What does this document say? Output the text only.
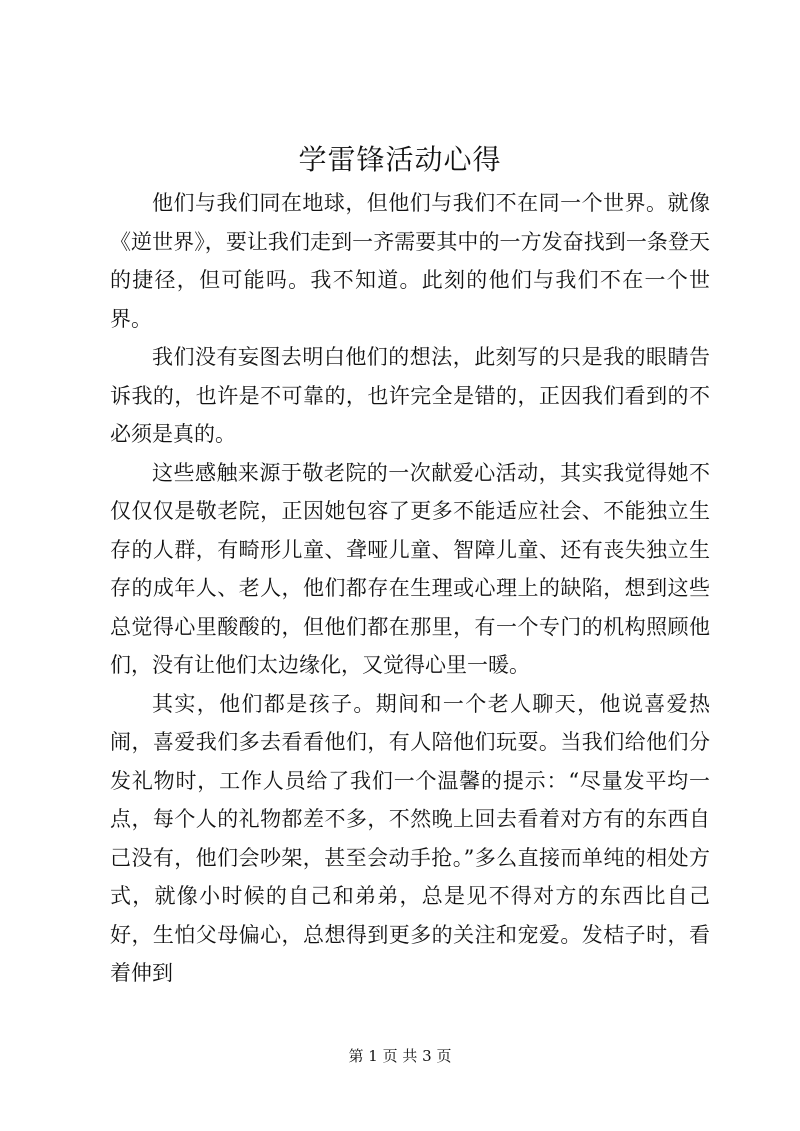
学雷锋活动心得

他们与我们同在地球，但他们与我们不在同一个世界。就像《逆世界》，要让我们走到一齐需要其中的一方发奋找到一条登天的捷径，但可能吗。我不知道。此刻的他们与我们不在一个世界。

我们没有妄图去明白他们的想法，此刻写的只是我的眼睛告诉我的，也许是不可靠的，也许完全是错的，正因我们看到的不必须是真的。

这些感触来源于敬老院的一次献爱心活动，其实我觉得她不仅仅仅是敬老院，正因她包容了更多不能适应社会、不能独立生存的人群，有畸形儿童、聋哑儿童、智障儿童、还有丧失独立生存的成年人、老人，他们都存在生理或心理上的缺陷，想到这些总觉得心里酸酸的，但他们都在那里，有一个专门的机构照顾他们，没有让他们太边缘化，又觉得心里一暖。

其实，他们都是孩子。期间和一个老人聊天，他说喜爱热闹，喜爱我们多去看看他们，有人陪他们玩耍。当我们给他们分发礼物时，工作人员给了我们一个温馨的提示：“尽量发平均一点，每个人的礼物都差不多，不然晚上回去看着对方有的东西自己没有，他们会吵架，甚至会动手抢。”多么直接而单纯的相处方式，就像小时候的自己和弟弟，总是见不得对方的东西比自己好，生怕父母偏心，总想得到更多的关注和宠爱。发桔子时，看着伸到

第 1 页 共 3 页
